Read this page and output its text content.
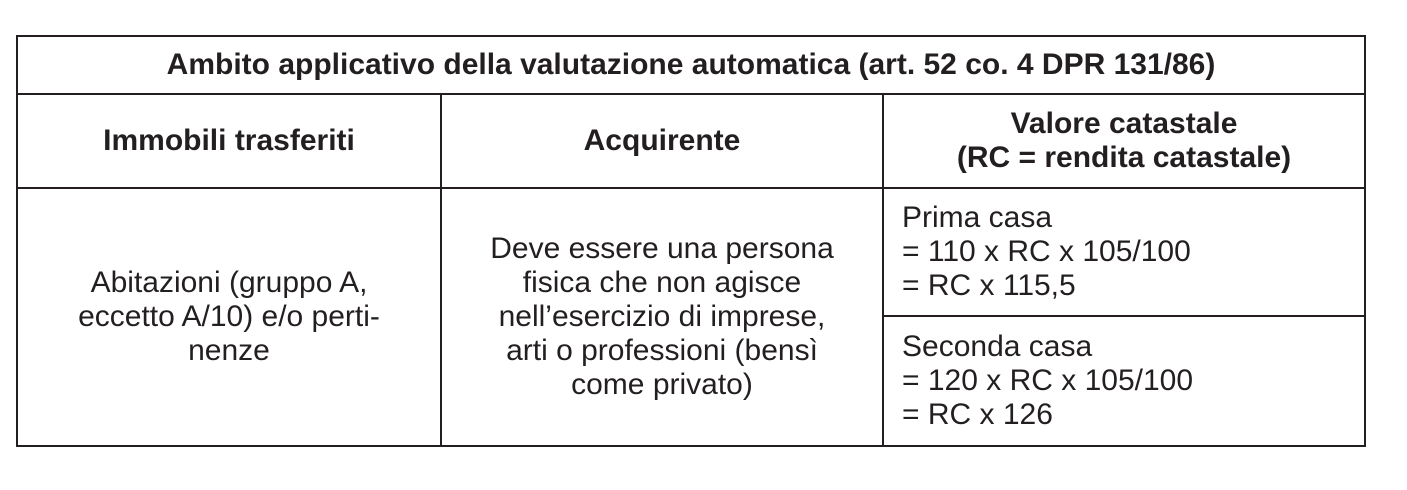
Ambito applicativo della valutazione automatica (art. 52 co. 4 DPR 131/86)
Immobili trasferiti	Acquirente
Valore catastale
(RC = rendita catastale)
Abitazioni (gruppo A,
eccetto A/10) e/o perti-
nenze
Deve essere una persona
fisica che non agisce
nell’esercizio di imprese,
arti o professioni (bensì
come privato)
Prima casa
= 110 x RC x 105/100
= RC x 115,5
Seconda casa
= 120 x RC x 105/100
= RC x 126
